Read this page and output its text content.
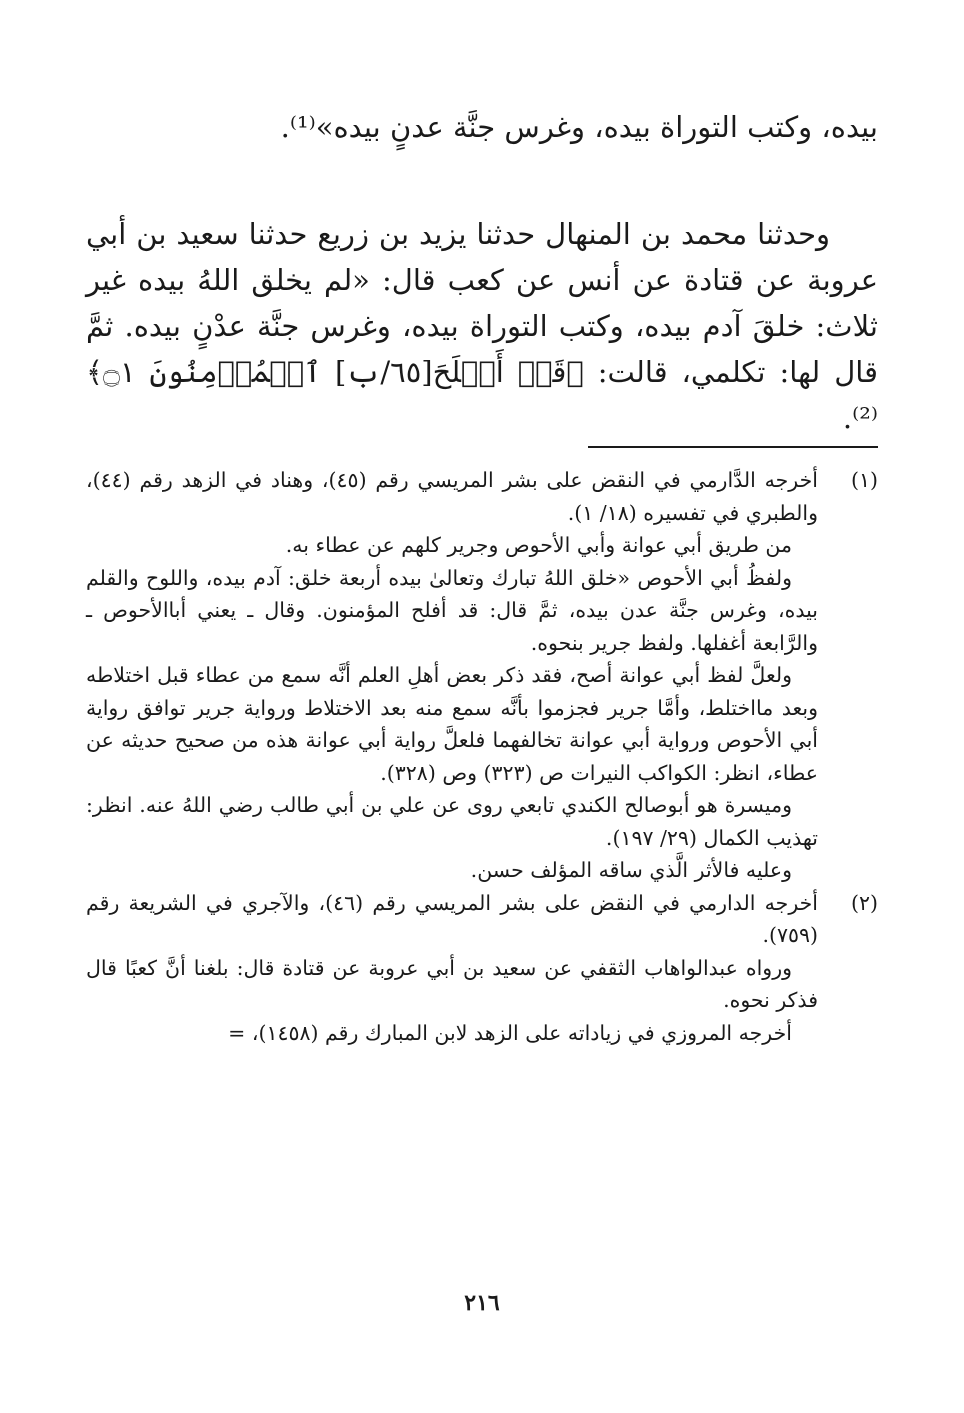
بيده، وكتب التوراة بيده، وغرس جنَّة عدنٍ بيده»⁽¹⁾.

وحدثنا محمد بن المنهال حدثنا يزيد بن زريع حدثنا سعيد بن أبي عروبة عن قتادة عن أنس عن كعب قال: «لم يخلق اللهُ بيده غير ثلاث: خلقَ آدم بيده، وكتب التوراة بيده، وغرس جنَّة عدْنٍ بيده. ثمَّ قال لها: تكلمي، قالت: ﴿قَدۡ أَفۡلَحَ[٦٥/ب] ٱلۡمُؤۡمِنُونَ ۝١﴾⁽²⁾.

(١)

أخرجه الدَّارمي في النقض على بشر المريسي رقم (٤٥)، وهناد في الزهد رقم (٤٤)، والطبري في تفسيره (١٨/ ١).

من طريق أبي عوانة وأبي الأحوص وجرير كلهم عن عطاء به.

ولفظُ أبي الأحوص «خلق اللهُ تبارك وتعالىٰ بيده أربعة خلق: آدم بيده، واللوح والقلم بيده، وغرس جنَّة عدن بيده، ثمَّ قال: قد أفلح المؤمنون. وقال ـ يعني أباالأحوص ـ والرَّابعة أغفلها. ولفظ جرير بنحوه.

ولعلَّ لفظ أبي عوانة أصح، فقد ذكر بعض أهلِ العلم أنَّه سمع من عطاء قبل اختلاطه وبعد مااختلط، وأمَّا جرير فجزموا بأنَّه سمع منه بعد الاختلاط ورواية جرير توافق رواية أبي الأحوص ورواية أبي عوانة تخالفهما فلعلَّ رواية أبي عوانة هذه من صحيح حديثه عن عطاء، انظر: الكواكب النيرات ص (٣٢٣) وص (٣٢٨).

وميسرة هو أبوصالح الكندي تابعي روى عن علي بن أبي طالب رضي اللهُ عنه. انظر: تهذيب الكمال (٢٩/ ١٩٧).

وعليه فالأثر الَّذي ساقه المؤلف حسن.

(٢)

أخرجه الدارمي في النقض على بشر المريسي رقم (٤٦)، والآجري في الشريعة رقم (٧٥٩).

ورواه عبدالواهاب الثقفي عن سعيد بن أبي عروبة عن قتادة قال: بلغنا أنَّ كعبًا قال فذكر نحوه.

أخرجه المروزي في زياداته على الزهد لابن المبارك رقم (١٤٥٨)، =

٢١٦
